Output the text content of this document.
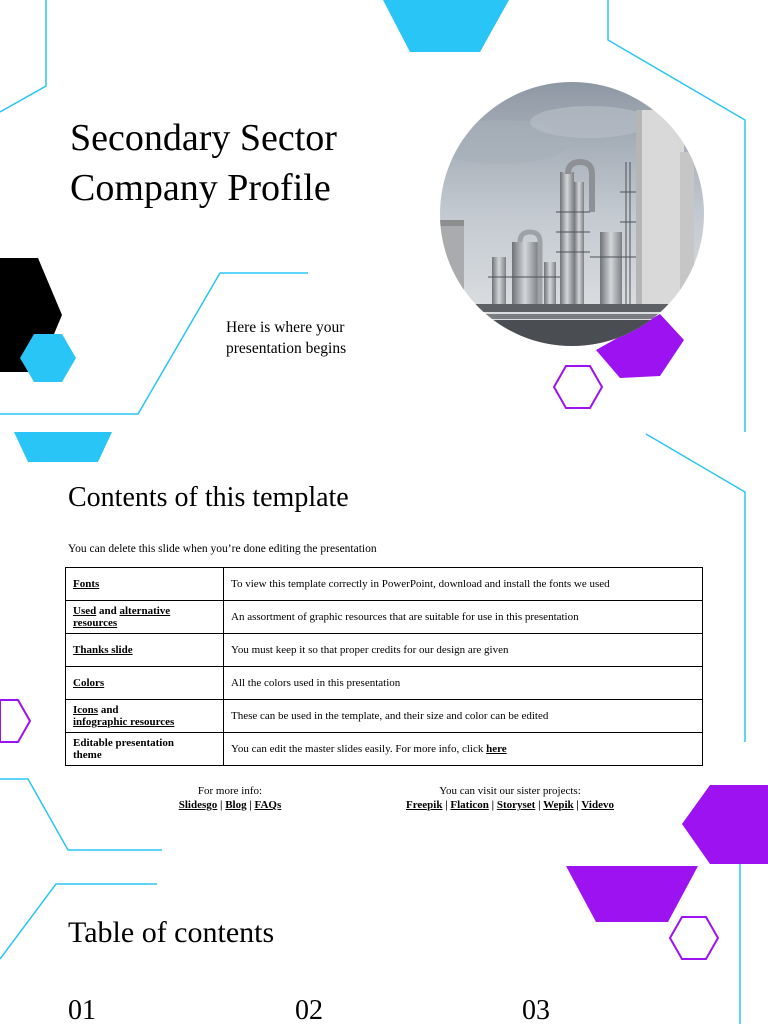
Secondary Sector
Company Profile
Here is where your
presentation begins
Contents of this template

You can delete this slide when you’re done editing the presentation

Fonts	To view this template correctly in PowerPoint, download and install the fonts we used
Used and alternative
resources	An assortment of graphic resources that are suitable for use in this presentation
Thanks slide	You must keep it so that proper credits for our design are given
Colors	All the colors used in this presentation
Icons and
infographic resources	These can be used in the template, and their size and color can be edited
Editable presentation
theme	You can edit the master slides easily. For more info, click here
For more info:
Slidesgo | Blog | FAQs
You can visit our sister projects:
Freepik | Flaticon | Storyset | Wepik | Videvo
Table of contents
01	02	03
